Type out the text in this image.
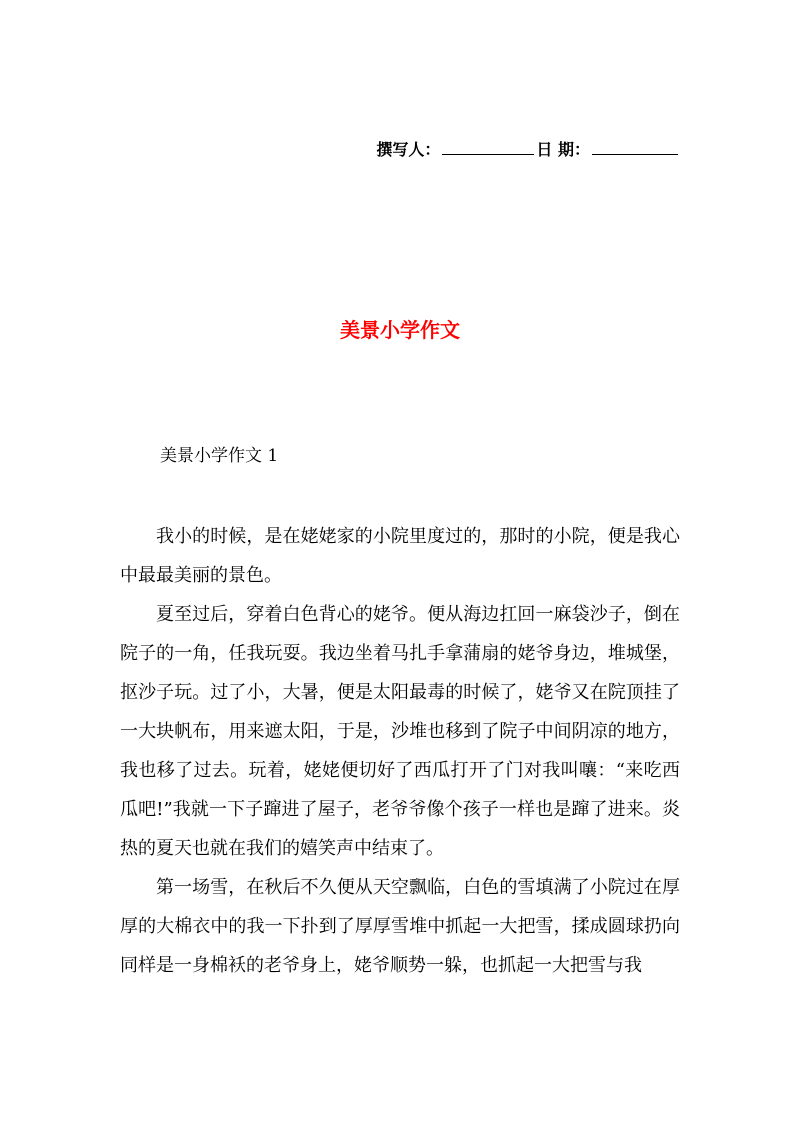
撰写人：	日 期：
美景小学作文
美景小学作文 1

我小的时候，是在姥姥家的小院里度过的，那时的小院，便是我心中最最美丽的景色。

夏至过后，穿着白色背心的姥爷。便从海边扛回一麻袋沙子，倒在院子的一角，任我玩耍。我边坐着马扎手拿蒲扇的姥爷身边，堆城堡，抠沙子玩。过了小，大暑，便是太阳最毒的时候了，姥爷又在院顶挂了一大块帆布，用来遮太阳，于是，沙堆也移到了院子中间阴凉的地方，我也移了过去。玩着，姥姥便切好了西瓜打开了门对我叫嚷：“来吃西瓜吧!”我就一下子蹿进了屋子，老爷爷像个孩子一样也是蹿了进来。炎热的夏天也就在我们的嬉笑声中结束了。

第一场雪，在秋后不久便从天空飘临，白色的雪填满了小院过在厚厚的大棉衣中的我一下扑到了厚厚雪堆中抓起一大把雪，揉成圆球扔向同样是一身棉袄的老爷身上，姥爷顺势一躲，也抓起一大把雪与我
